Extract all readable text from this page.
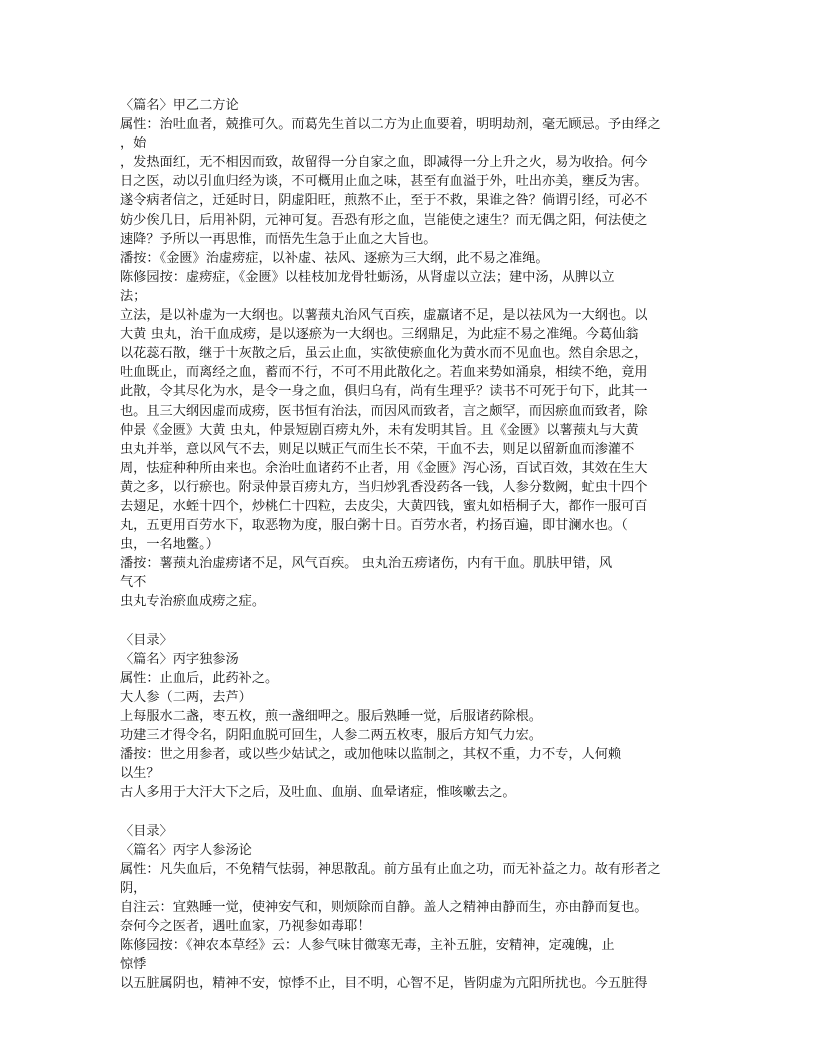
〈篇名〉甲乙二方论
属性：治吐血者，兢推可久。而葛先生首以二方为止血要着，明明劫剂，毫无顾忌。予由绎之
，始
，发热面红，无不相因而致，故留得一分自家之血，即减得一分上升之火，易为收拾。何今
日之医，动以引血归经为谈，不可概用止血之味，甚至有血溢于外，吐出亦美，壅反为害。
遂令病者信之，迁延时日，阴虚阳旺，煎熬不止，至于不救，果谁之咎？倘谓引经，可必不
妨少俟几日，后用补阴，元神可复。吾恐有形之血，岂能使之速生？而无偶之阳，何法使之
速降？予所以一再思惟，而悟先生急于止血之大旨也。
潘按：《金匮》治虚痨症，以补虚、祛风、逐瘀为三大纲，此不易之准绳。
陈修园按：虚痨症，《金匮》以桂枝加龙骨牡蛎汤，从肾虚以立法；建中汤，从脾以立
法；
立法，是以补虚为一大纲也。以薯蓣丸治风气百疾，虚羸诸不足，是以祛风为一大纲也。以
大黄 虫丸，治干血成痨，是以逐瘀为一大纲也。三纲鼎足，为此症不易之准绳。今葛仙翁
以花蕊石散，继于十灰散之后，虽云止血，实欲使瘀血化为黄水而不见血也。然自余思之，
吐血既止，而离经之血，蓄而不行，不可不用此散化之。若血来势如涌泉，相续不绝，竟用
此散，令其尽化为水，是令一身之血，俱归乌有，尚有生理乎？读书不可死于句下，此其一
也。且三大纲因虚而成痨，医书恒有治法，而因风而致者，言之颇罕，而因瘀血而致者，除
仲景《金匮》大黄 虫丸，仲景短剧百痨丸外，未有发明其旨。且《金匮》以薯蓣丸与大黄
虫丸并举，意以风气不去，则足以贼正气而生长不荣，干血不去，则足以留新血而渗灌不
周，怯症种种所由来也。余治吐血诸药不止者，用《金匮》泻心汤，百试百效，其效在生大
黄之多，以行瘀也。附录仲景百痨丸方，当归炒乳香没药各一钱，人参分数阙，虻虫十四个
去翅足，水蛭十四个，炒桃仁十四粒，去皮尖，大黄四钱，蜜丸如梧桐子大，都作一服可百
丸，五更用百劳水下，取恶物为度，服白粥十日。百劳水者，杓扬百遍，即甘澜水也。（
虫，一名地鳖。）
潘按：薯蓣丸治虚痨诸不足，风气百疾。 虫丸治五痨诸伤，内有干血。肌肤甲错，风
气不
虫丸专治瘀血成痨之症。
〈目录〉
〈篇名〉丙字独参汤
属性：止血后，此药补之。
大人参（二两，去芦）
上每服水二盏，枣五枚，煎一盏细呷之。服后熟睡一觉，后服诸药除根。
功建三才得令名，阴阳血脱可回生，人参二两五枚枣，服后方知气力宏。
潘按：世之用参者，或以些少姑试之，或加他味以监制之，其权不重，力不专，人何赖
以生？
古人多用于大汗大下之后，及吐血、血崩、血晕诸症，惟咳嗽去之。
〈目录〉
〈篇名〉丙字人参汤论
属性：凡失血后，不免精气怯弱，神思散乱。前方虽有止血之功，而无补益之力。故有形者之
阴，
自注云：宜熟睡一觉，使神安气和，则烦除而自静。盖人之精神由静而生，亦由静而复也。
奈何今之医者，遇吐血家，乃视参如毒耶！
陈修园按：《神农本草经》云：人参气味甘微寒无毒，主补五脏，安精神，定魂魄，止
惊悸
以五脏属阴也，精神不安，惊悸不止，目不明，心智不足，皆阴虚为亢阳所扰也。今五脏得
